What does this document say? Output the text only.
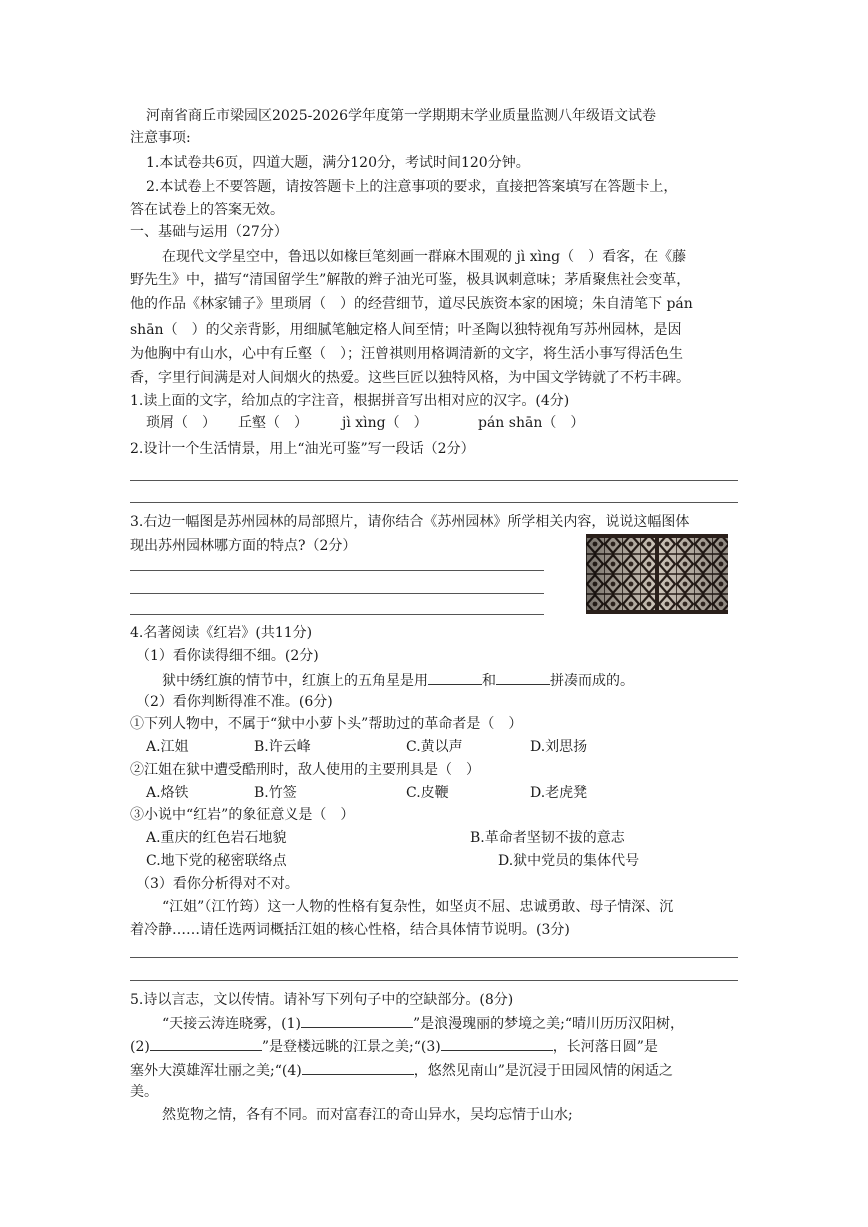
河南省商丘市梁园区2025-2026学年度第一学期期末学业质量监测八年级语文试卷
注意事项:
1.本试卷共6页，四道大题，满分120分，考试时间120分钟。
2.本试卷上不要答题，请按答题卡上的注意事项的要求，直接把答案填写在答题卡上，
答在试卷上的答案无效。
一、基础与运用（27分）
在现代文学星空中，鲁迅以如椽巨笔刻画一群麻木围观的 jì xìng（　）看客，在《藤
野先生》中，描写“清国留学生”解散的辫子油光可鉴，极具讽刺意味；茅盾聚焦社会变革，
他的作品《林家铺子》里琐屑（　）的经营细节，道尽民族资本家的困境；朱自清笔下 pán
shān（　）的父亲背影，用细腻笔触定格人间至情；叶圣陶以独特视角写苏州园林，是因
为他胸中有山水，心中有丘壑（　）；汪曾祺则用格调清新的文字，将生活小事写得活色生
香，字里行间满是对人间烟火的热爱。这些巨匠以独特风格，为中国文学铸就了不朽丰碑。
1.读上面的文字，给加点的字注音，根据拼音写出相对应的汉字。(4分)
琐屑（　） 丘壑（　） jì xìng（　）	pán shān（　）
2.设计一个生活情景，用上“油光可鉴”写一段话（2分）
3.右边一幅图是苏州园林的局部照片，请你结合《苏州园林》所学相关内容，说说这幅图体
现出苏州园林哪方面的特点?（2分）
4.名著阅读《红岩》(共11分)
（1）看你读得细不细。(2分)
狱中绣红旗的情节中，红旗上的五角星是用	和	拼凑而成的。
（2）看你判断得准不准。(6分)
①下列人物中，不属于“狱中小萝卜头”帮助过的革命者是（　）
A.江姐	B.许云峰	C.黄以声	D.刘思扬
②江姐在狱中遭受酷刑时，敌人使用的主要刑具是（　）
A.烙铁	B.竹签	C.皮鞭	D.老虎凳
③小说中“红岩”的象征意义是（　）
A.重庆的红色岩石地貌	B.革命者坚韧不拔的意志
C.地下党的秘密联络点	D.狱中党员的集体代号
（3）看你分析得对不对。
“江姐”（江竹筠）这一人物的性格有复杂性，如坚贞不屈、忠诚勇敢、母子情深、沉
着冷静……请任选两词概括江姐的核心性格，结合具体情节说明。(3分)
5.诗以言志，文以传情。请补写下列句子中的空缺部分。(8分)
“天接云涛连晓雾，(1)	”是浪漫瑰丽的梦境之美;“晴川历历汉阳树，
(2)	”是登楼远眺的江景之美;“(3)	，长河落日圆”是
塞外大漠雄浑壮丽之美;“(4)	，悠然见南山”是沉浸于田园风情的闲适之
美。
然览物之情，各有不同。而对富春江的奇山异水，吴均忘情于山水;
